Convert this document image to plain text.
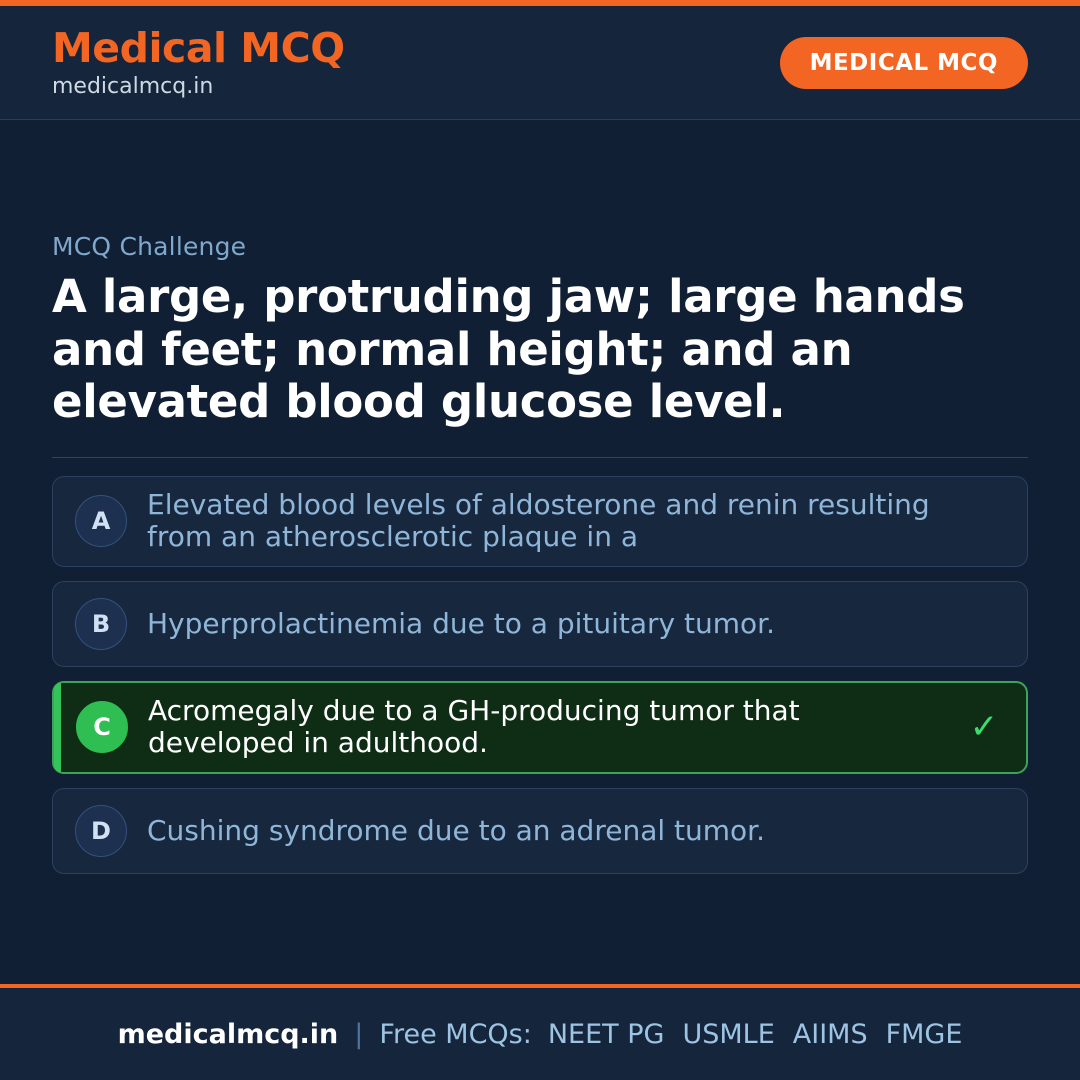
Medical MCQ
medicalmcq.in
MEDICAL MCQ
MCQ Challenge
A large, protruding jaw; large hands and feet; normal height; and an elevated blood glucose level.
A
Elevated blood levels of aldosterone and renin resulting from an atherosclerotic plaque in a
B	Hyperprolactinemia due to a pituitary tumor.
C
Acromegaly due to a GH-producing tumor that developed in adulthood.	✓
D	Cushing syndrome due to an adrenal tumor.
medicalmcq.in | Free MCQs: NEET PG USMLE AIIMS FMGE
